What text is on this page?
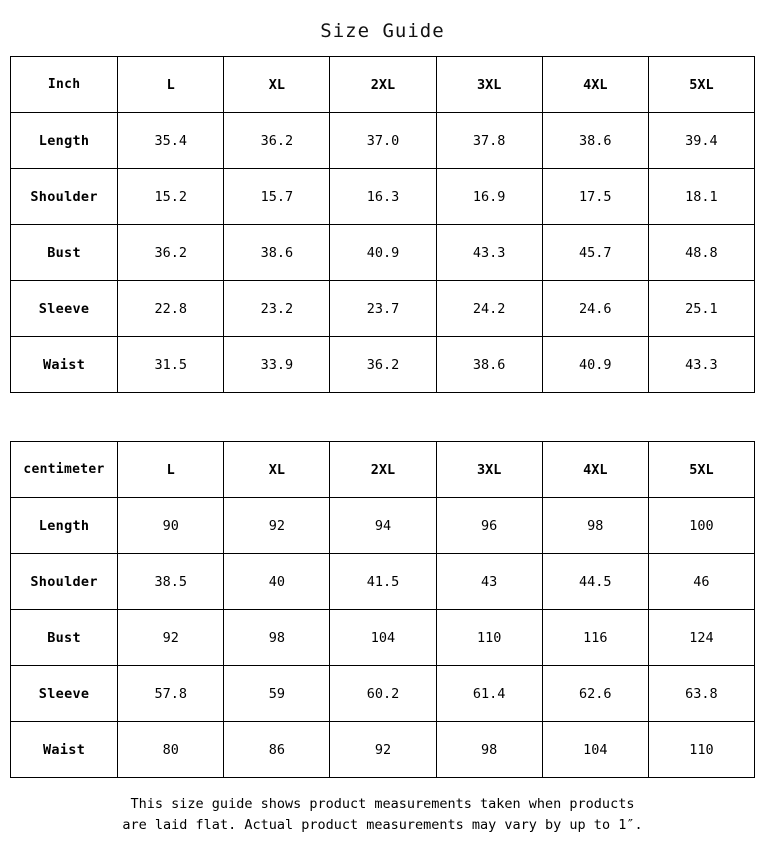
Size Guide
Inch	L	XL	2XL	3XL	4XL	5XL
Length	35.4	36.2	37.0	37.8	38.6	39.4
Shoulder	15.2	15.7	16.3	16.9	17.5	18.1
Bust	36.2	38.6	40.9	43.3	45.7	48.8
Sleeve	22.8	23.2	23.7	24.2	24.6	25.1
Waist	31.5	33.9	36.2	38.6	40.9	43.3
centimeter	L	XL	2XL	3XL	4XL	5XL
Length	90	92	94	96	98	100
Shoulder	38.5	40	41.5	43	44.5	46
Bust	92	98	104	110	116	124
Sleeve	57.8	59	60.2	61.4	62.6	63.8
Waist	80	86	92	98	104	110
This size guide shows product measurements taken when products
are laid flat. Actual product measurements may vary by up to 1″.
